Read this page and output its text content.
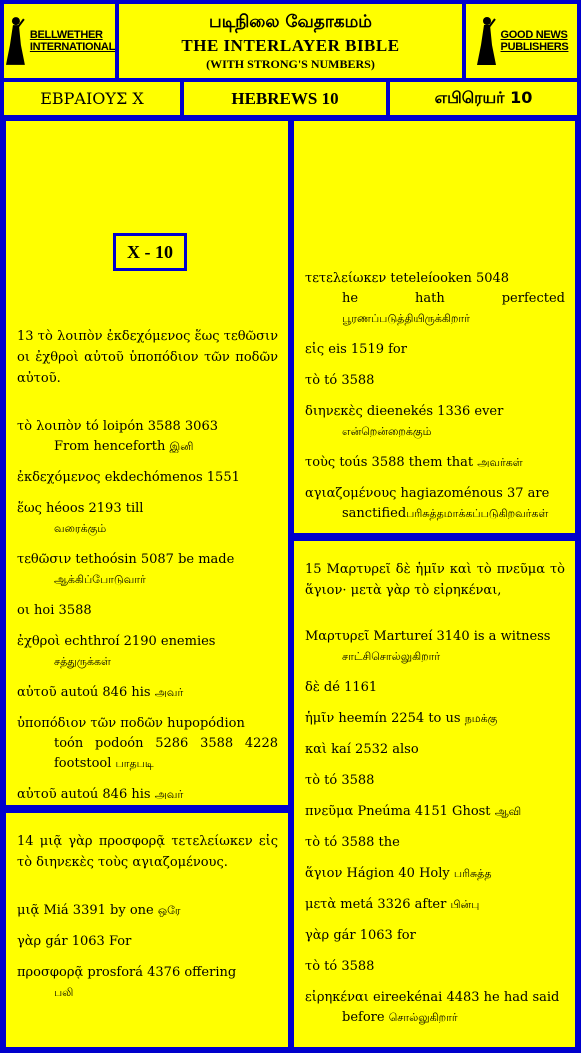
BELLWETHER
INTERNATIONAL
படிநிலை வேதாகமம்
THE INTERLAYER BIBLE
(WITH STRONG'S NUMBERS)
GOOD NEWS
PUBLISHERS
ΕΒΡΑΙΟΥΣ Χ	HEBREWS 10	எபிரெயர் 10
X - 10
13 τὸ λοιπὸν ἐκδεχόμενος ἕως τεθῶσιν οι ἐχθροὶ αὐτοῦ ὑποπόδιον τῶν ποδῶν αὐτοῦ.
τὸ λοιπὸν tó loipón 3588 3063
From henceforth இனி
ἐκδεχόμενος ekdechómenos 1551
ἕως héoos 2193 till
வரைக்கும்
τεθῶσιν tethoósin 5087 be made
ஆக்கிப்போடுவார்
οι hoi 3588
ἐχθροὶ echthroí 2190 enemies
சத்துருக்கள்
αὐτοῦ autoú 846 his அவர்
ὑποπόδιον τῶν ποδῶν hupopódion
toón podoón 5286 3588 4228 footstool பாதபடி
αὐτοῦ autoú 846 his அவர்
14 μιᾷ γὰρ προσφορᾷ τετελείωκεν εἰς τὸ διηνεκὲς τοὺς αγιαζομένους.
μιᾷ Miá 3391 by one ஒரே
γὰρ gár 1063 For
προσφορᾷ prosforá 4376 offering
பலி
τετελείωκεν teteleíooken 5048
he hath perfected
பூரணப்படுத்தியிருக்கிறார்
εἰς eis 1519 for
τὸ tó 3588
διηνεκὲς dieenekés 1336 ever
என்றென்றைக்கும்
τοὺς toús 3588 them that அவர்கள்
αγιαζομένους hagiazoménous 37 are
sanctifiedபரிசுத்தமாக்கப்படுகிறவர்கள்
15 Μαρτυρεῖ δὲ ἡμῖν καὶ τὸ πνεῦμα τὸ ἅγιον· μετὰ γὰρ τὸ εἰρηκέναι,
Μαρτυρεῖ Martureí 3140 is a witness
சாட்சிசொல்லுகிறார்
δὲ dé 1161
ἡμῖν heemín 2254 to us நமக்கு
καὶ kaí 2532 also
τὸ tó 3588
πνεῦμα Pneúma 4151 Ghost ஆவி
τὸ tó 3588 the
ἅγιον Hágion 40 Holy பரிசுத்த
μετὰ metá 3326 after பின்பு
γὰρ gár 1063 for
τὸ tó 3588
εἰρηκέναι eireekénai 4483 he had said
before சொல்லுகிறார்
